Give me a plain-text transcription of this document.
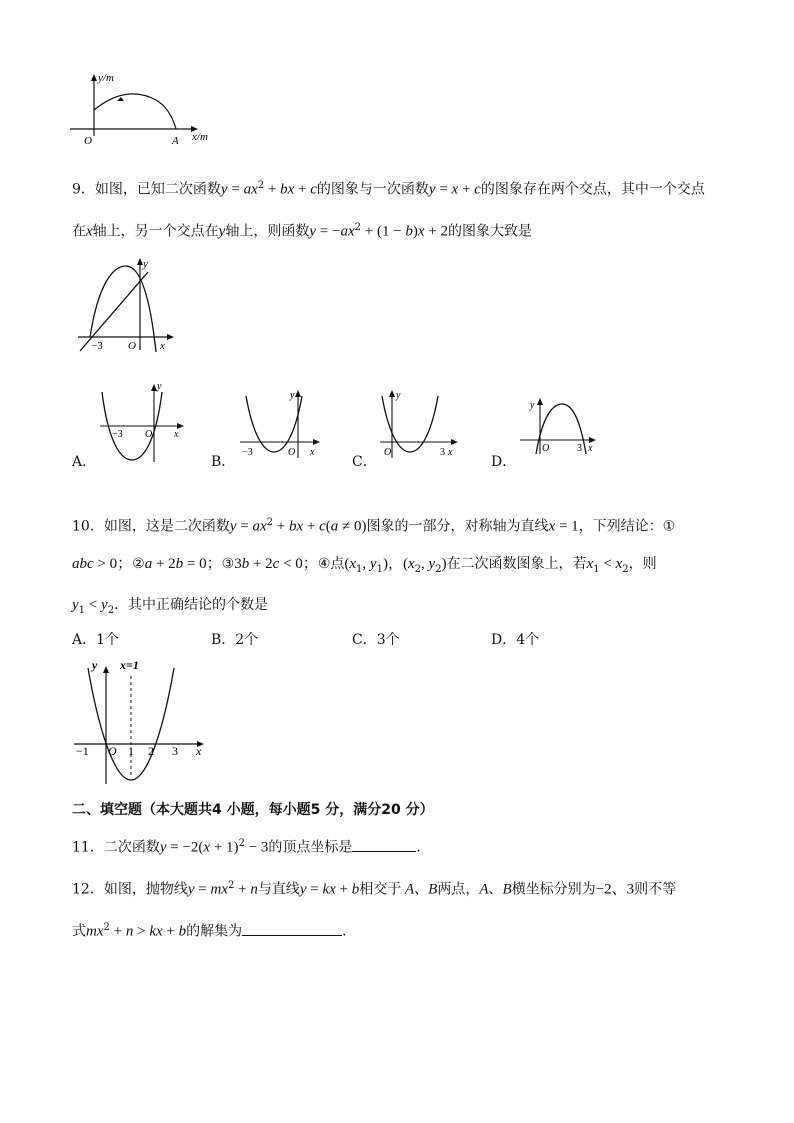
y/m
O	A x/m
9．如图，已知二次函数$y = ax^2$ + bx + c的图象与一次函数y = x + c的图象存在两个交点，其中一个交点
在x轴上，另一个交点在y轴上，则函数$y = -ax^2 + (1 - b)x + 2$的图象大致是
y
−3 O x
A．
y
−3 O x
B．
y
−3	O x
C．
y
O	3 x
D．
y
O	3 x
10．如图，这是二次函数$y = ax^2$ + bx + c(a ≠ 0)图象的一部分，对称轴为直线x = 1，下列结论：①
abc > 0；②a + 2b = 0；③3b + 2c < 0；④点($x_1$, $y_1$)，($x_2$, $y_2$)在二次函数图象上，若$x_1 < x_2$，则
$y_1 < y_2$．其中正确结论的个数是
A．1个	B．2个	C．3个	D．4个
y x=1
−1 O 1 2 3 x
二、填空题（本大题共4 小题，每小题5 分，满分20 分）
11．二次函数$y = -2(x + 1)^2 - 3$的顶点坐标是	.
12．如图，抛物线$y = mx^2 + n$与直线y = kx + b相交于 A、B两点，A、B横坐标分别为−2、3则不等
式$mx^2 + n$ > kx + b的解集为	.
